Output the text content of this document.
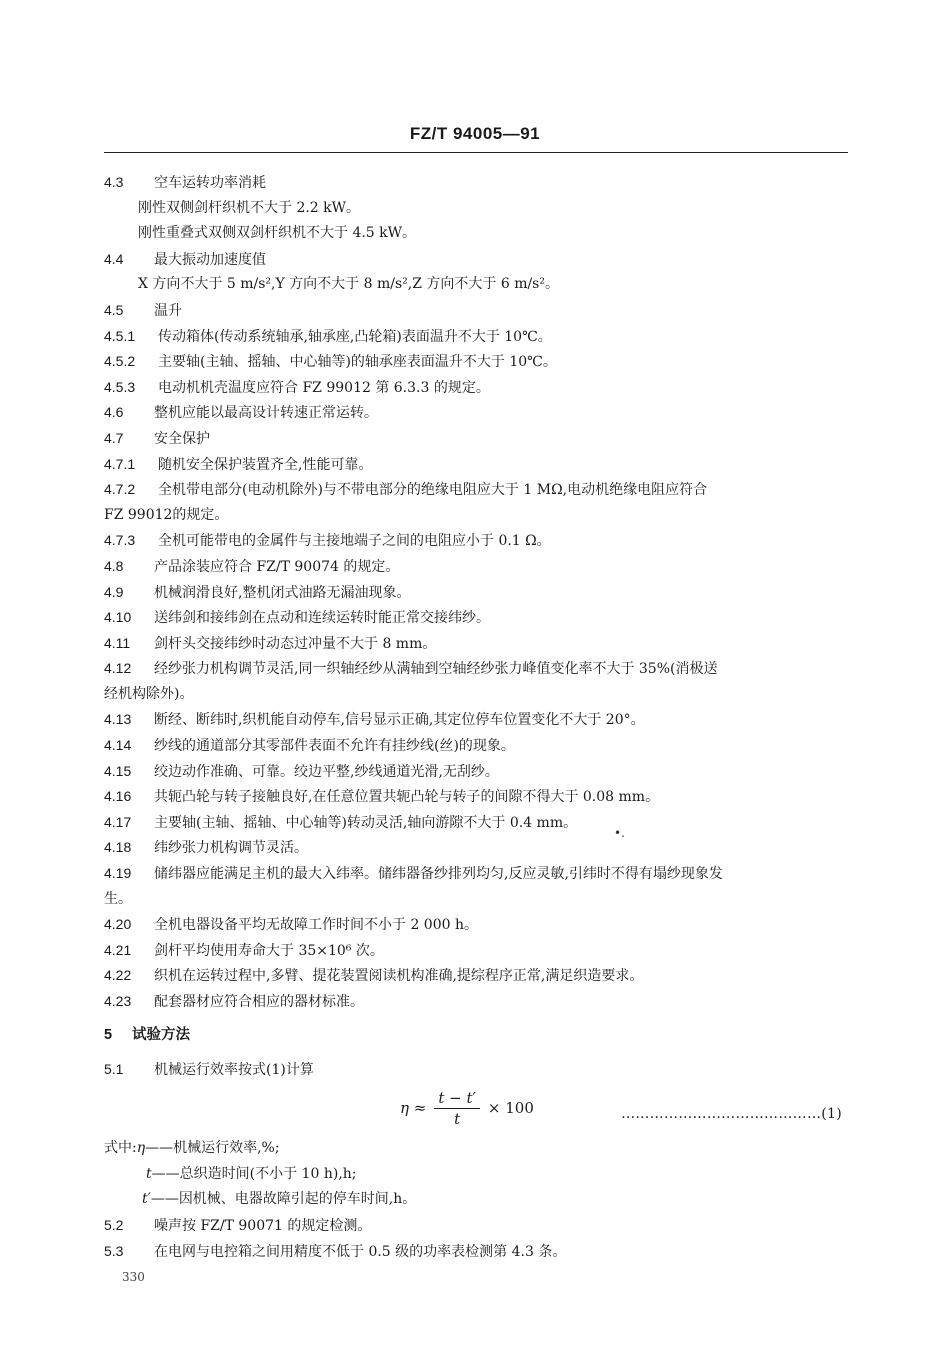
FZ/T 94005—91
4.3 空车运转功率消耗
刚性双侧剑杆织机不大于 2.2 kW。
刚性重叠式双侧双剑杆织机不大于 4.5 kW。
4.4 最大振动加速度值
X 方向不大于 5 m/s²,Y 方向不大于 8 m/s²,Z 方向不大于 6 m/s²。
4.5 温升
4.5.1 传动箱体(传动系统轴承,轴承座,凸轮箱)表面温升不大于 10℃。
4.5.2 主要轴(主轴、摇轴、中心轴等)的轴承座表面温升不大于 10℃。
4.5.3 电动机机壳温度应符合 FZ 99012 第 6.3.3 的规定。
4.6 整机应能以最高设计转速正常运转。
4.7 安全保护
4.7.1 随机安全保护装置齐全,性能可靠。
4.7.2 全机带电部分(电动机除外)与不带电部分的绝缘电阻应大于 1 MΩ,电动机绝缘电阻应符合
FZ 99012的规定。
4.7.3 全机可能带电的金属件与主接地端子之间的电阻应小于 0.1 Ω。
4.8 产品涂装应符合 FZ/T 90074 的规定。
4.9 机械润滑良好,整机闭式油路无漏油现象。
4.10 送纬剑和接纬剑在点动和连续运转时能正常交接纬纱。
4.11 剑杆头交接纬纱时动态过冲量不大于 8 mm。
4.12 经纱张力机构调节灵活,同一织轴经纱从满轴到空轴经纱张力峰值变化率不大于 35%(消极送
经机构除外)。
4.13 断经、断纬时,织机能自动停车,信号显示正确,其定位停车位置变化不大于 20°。
4.14 纱线的通道部分其零部件表面不允许有挂纱线(丝)的现象。
4.15 绞边动作准确、可靠。绞边平整,纱线通道光滑,无刮纱。
4.16 共轭凸轮与转子接触良好,在任意位置共轭凸轮与转子的间隙不得大于 0.08 mm。
4.17 主要轴(主轴、摇轴、中心轴等)转动灵活,轴向游隙不大于 0.4 mm。
4.18 纬纱张力机构调节灵活。
4.19 储纬器应能满足主机的最大入纬率。储纬器备纱排列均匀,反应灵敏,引纬时不得有塌纱现象发
生。
4.20 全机电器设备平均无故障工作时间不小于 2 000 h。
4.21 剑杆平均使用寿命大于 35×10⁶ 次。
4.22 织机在运转过程中,多臂、提花装置阅读机构准确,提综程序正常,满足织造要求。
4.23 配套器材应符合相应的器材标准。
5 试验方法
5.1 机械运行效率按式(1)计算
$\eta \approx \frac{t - t'}{t} \times 100$	……………………………………(1)
式中:η——机械运行效率,%;
t——总织造时间(不小于 10 h),h;
t′——因机械、电器故障引起的停车时间,h。
5.2 噪声按 FZ/T 90071 的规定检测。
5.3 在电网与电控箱之间用精度不低于 0.5 级的功率表检测第 4.3 条。
•.
330
